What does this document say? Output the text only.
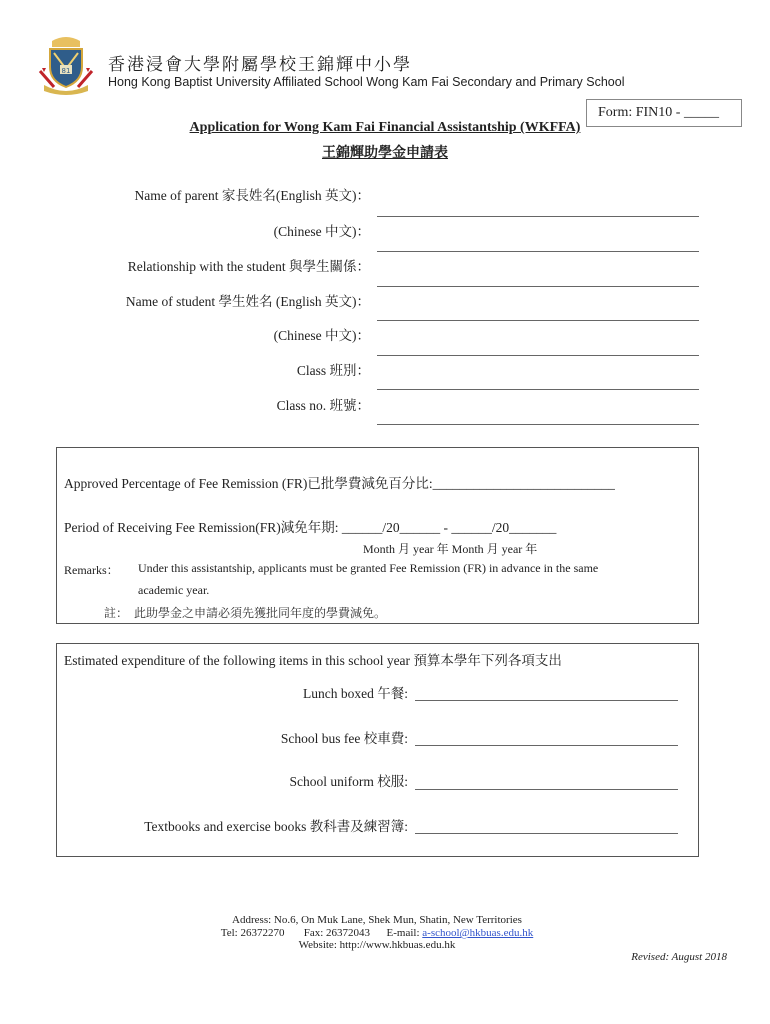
81 香港浸會大學附屬學校王錦輝中小學
Hong Kong Baptist University Affiliated School Wong Kam Fai Secondary and Primary School
Form: FIN10 - _____
Application for Wong Kam Fai Financial Assistantship (WKFFA)
王錦輝助學金申請表
Name of parent 家長姓名(English 英文)：
(Chinese 中文)：
Relationship with the student 與學生關係：
Name of student 學生姓名 (English 英文)：
(Chinese 中文)：
Class 班別：
Class no. 班號：
Approved Percentage of Fee Remission (FR)已批學費減免百分比:___________________________
Period of Receiving Fee Remission(FR)減免年期: ______/20______ - ______/20_______
Month 月 year 年 Month 月 year 年
Remarks： Under this assistantship, applicants must be granted Fee Remission (FR) in advance in the same
academic year.
註： 此助學金之申請必須先獲批同年度的學費減免。
Estimated expenditure of the following items in this school year 預算本學年下列各項支出
Lunch boxed 午餐:
School bus fee 校車費:
School uniform 校服:
Textbooks and exercise books 教科書及練習簿:
Address: No.6, On Muk Lane, Shek Mun, Shatin, New Territories
Tel: 26372270 Fax: 26372043 E-mail: a-school@hkbuas.edu.hk
Website: http://www.hkbuas.edu.hk
Revised: August 2018
